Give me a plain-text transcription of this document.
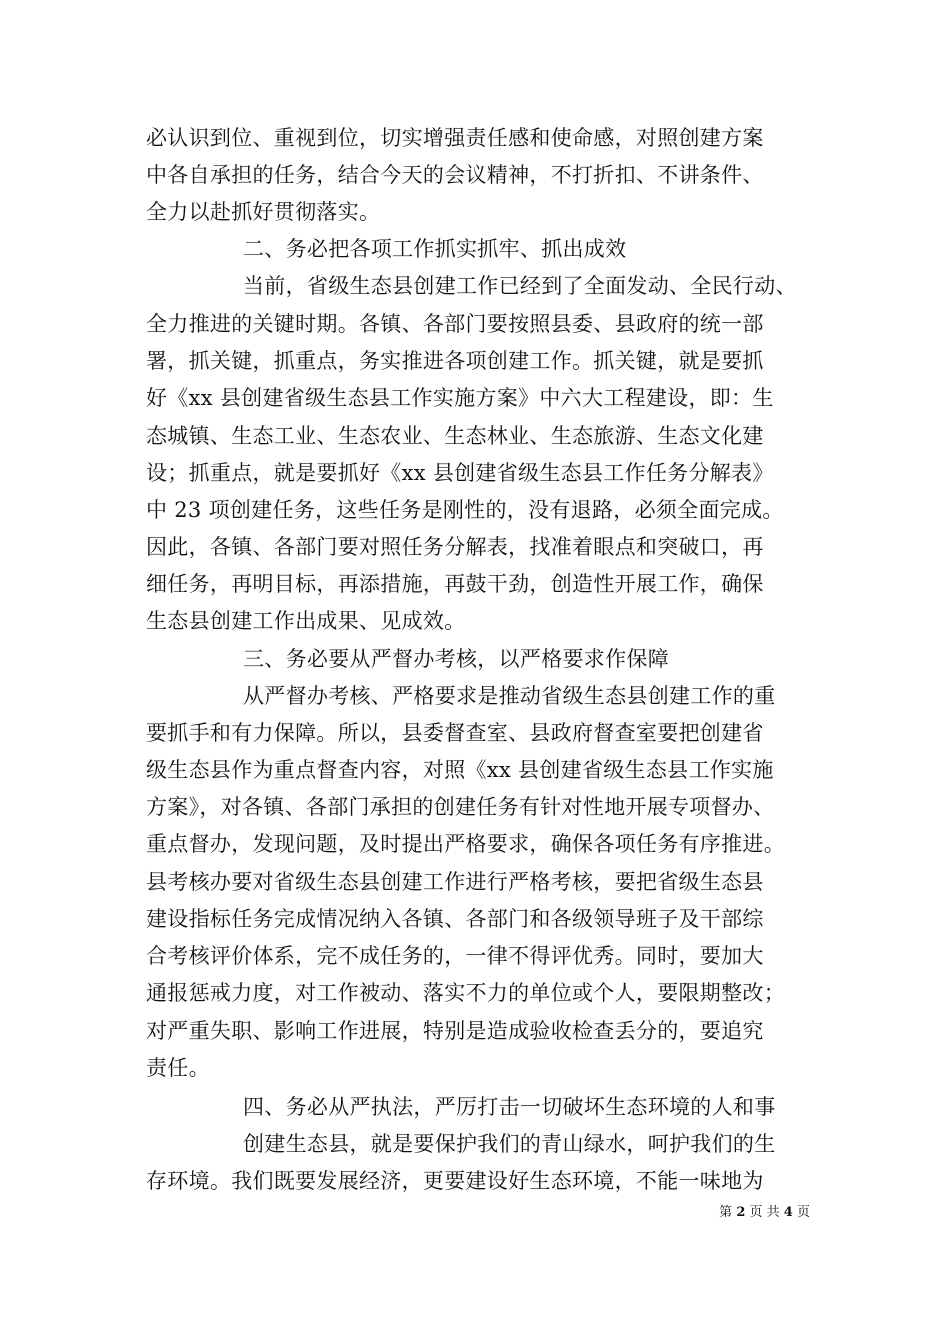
必认识到位、重视到位，切实增强责任感和使命感，对照创建方案
中各自承担的任务，结合今天的会议精神，不打折扣、不讲条件、
全力以赴抓好贯彻落实。
二、务必把各项工作抓实抓牢、抓出成效
当前，省级生态县创建工作已经到了全面发动、全民行动、
全力推进的关键时期。各镇、各部门要按照县委、县政府的统一部
署，抓关键，抓重点，务实推进各项创建工作。抓关键，就是要抓
好《xx 县创建省级生态县工作实施方案》中六大工程建设，即：生
态城镇、生态工业、生态农业、生态林业、生态旅游、生态文化建
设；抓重点，就是要抓好《xx 县创建省级生态县工作任务分解表》
中 23 项创建任务，这些任务是刚性的，没有退路，必须全面完成。
因此，各镇、各部门要对照任务分解表，找准着眼点和突破口，再
细任务，再明目标，再添措施，再鼓干劲，创造性开展工作，确保
生态县创建工作出成果、见成效。
三、务必要从严督办考核，以严格要求作保障
从严督办考核、严格要求是推动省级生态县创建工作的重
要抓手和有力保障。所以，县委督查室、县政府督查室要把创建省
级生态县作为重点督查内容，对照《xx 县创建省级生态县工作实施
方案》，对各镇、各部门承担的创建任务有针对性地开展专项督办、
重点督办，发现问题，及时提出严格要求，确保各项任务有序推进。
县考核办要对省级生态县创建工作进行严格考核，要把省级生态县
建设指标任务完成情况纳入各镇、各部门和各级领导班子及干部综
合考核评价体系，完不成任务的，一律不得评优秀。同时，要加大
通报惩戒力度，对工作被动、落实不力的单位或个人，要限期整改；
对严重失职、影响工作进展，特别是造成验收检查丢分的，要追究
责任。
四、务必从严执法，严厉打击一切破坏生态环境的人和事
创建生态县，就是要保护我们的青山绿水，呵护我们的生
存环境。我们既要发展经济，更要建设好生态环境，不能一味地为
第 2 页 共 4 页
